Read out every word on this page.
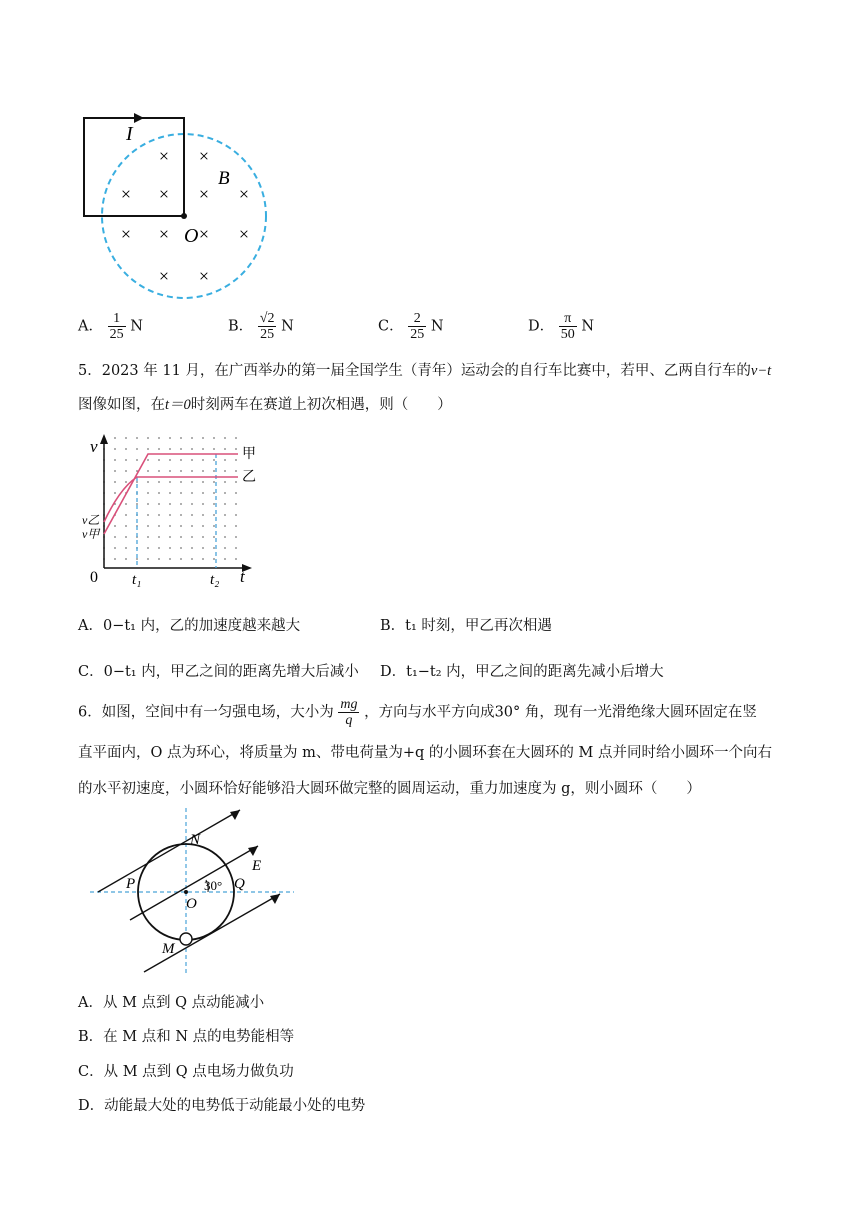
I
B
O
× ×
× × × ×
× × × ×
× ×
A． $\frac{1}{25}$ N	B． $\frac{√2}{25}$ N	C． $\frac{2}{25}$ N	D． $\frac{\pi}{50}$ N
5．2023 年 11 月，在广西举办的第一届全国学生（青年）运动会的自行车比赛中，若甲、乙两自行车的v−t
图像如图，在t＝0时刻两车在赛道上初次相遇，则（　　）
v
t
0 t₁	t₂
v乙
v甲
甲
乙
A．0−t₁ 内，乙的加速度越来越大	B．t₁ 时刻，甲乙再次相遇
C．0−t₁ 内，甲乙之间的距离先增大后减小 D．t₁−t₂ 内，甲乙之间的距离先减小后增大
6．如图，空间中有一匀强电场，大小为 $\frac{mg}{q}$ ，方向与水平方向成30° 角，现有一光滑绝缘大圆环固定在竖
直平面内，O 点为环心，将质量为 m、带电荷量为+q 的小圆环套在大圆环的 M 点并同时给小圆环一个向右
的水平初速度，小圆环恰好能够沿大圆环做完整的圆周运动，重力加速度为 g，则小圆环（　　）
N
E
P	Q
O
M
30°
A．从 M 点到 Q 点动能减小
B．在 M 点和 N 点的电势能相等
C．从 M 点到 Q 点电场力做负功
D．动能最大处的电势低于动能最小处的电势
